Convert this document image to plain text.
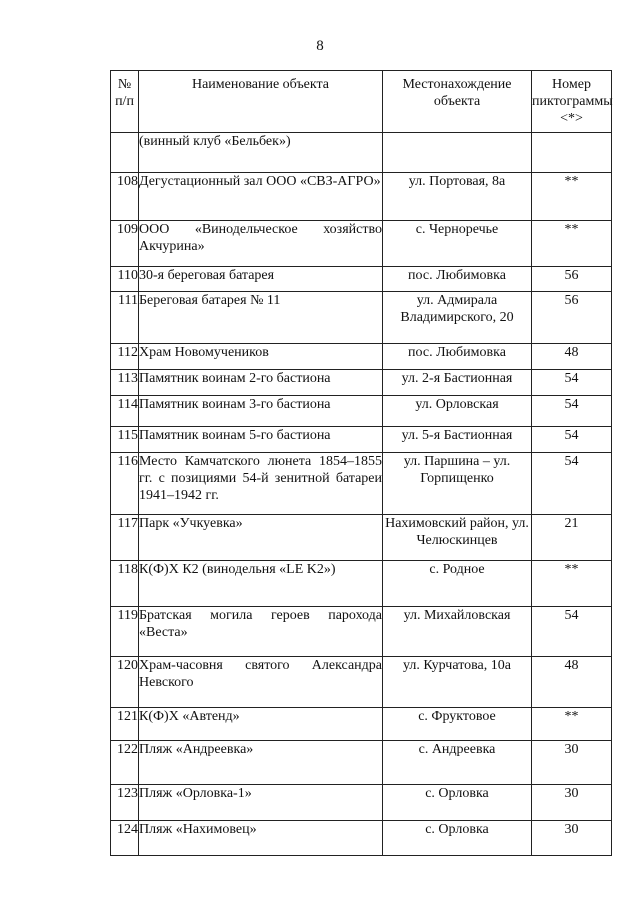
8
№ п/п	Наименование объекта	Местонахождение объекта	Номер пиктограммы <*>
	(винный клуб «Бельбек»)		
108	Дегустационный зал ООО «СВЗ-АГРО»	ул. Портовая, 8а	**
109	ООО «Винодельческое хозяйство Акчурина»	с. Черноречье	**
110	30-я береговая батарея	пос. Любимовка	56
111	Береговая батарея № 11	ул. Адмирала Владимирского, 20	56
112	Храм Новомучеников	пос. Любимовка	48
113	Памятник воинам 2-го бастиона	ул. 2-я Бастионная	54
114	Памятник воинам 3-го бастиона	ул. Орловская	54
115	Памятник воинам 5-го бастиона	ул. 5-я Бастионная	54
116	Место Камчатского люнета 1854–1855 гг. с позициями 54-й зенитной батареи 1941–1942 гг.	ул. Паршина – ул. Горпищенко	54
117	Парк «Учкуевка»	Нахимовский район, ул. Челюскинцев	21
118	К(Ф)Х К2 (винодельня «LE K2»)	с. Родное	**
119	Братская могила героев парохода «Веста»	ул. Михайловская	54
120	Храм-часовня святого Александра Невского	ул. Курчатова, 10а	48
121	К(Ф)Х «Автенд»	с. Фруктовое	**
122	Пляж «Андреевка»	с. Андреевка	30
123	Пляж «Орловка-1»	с. Орловка	30
124	Пляж «Нахимовец»	с. Орловка	30
